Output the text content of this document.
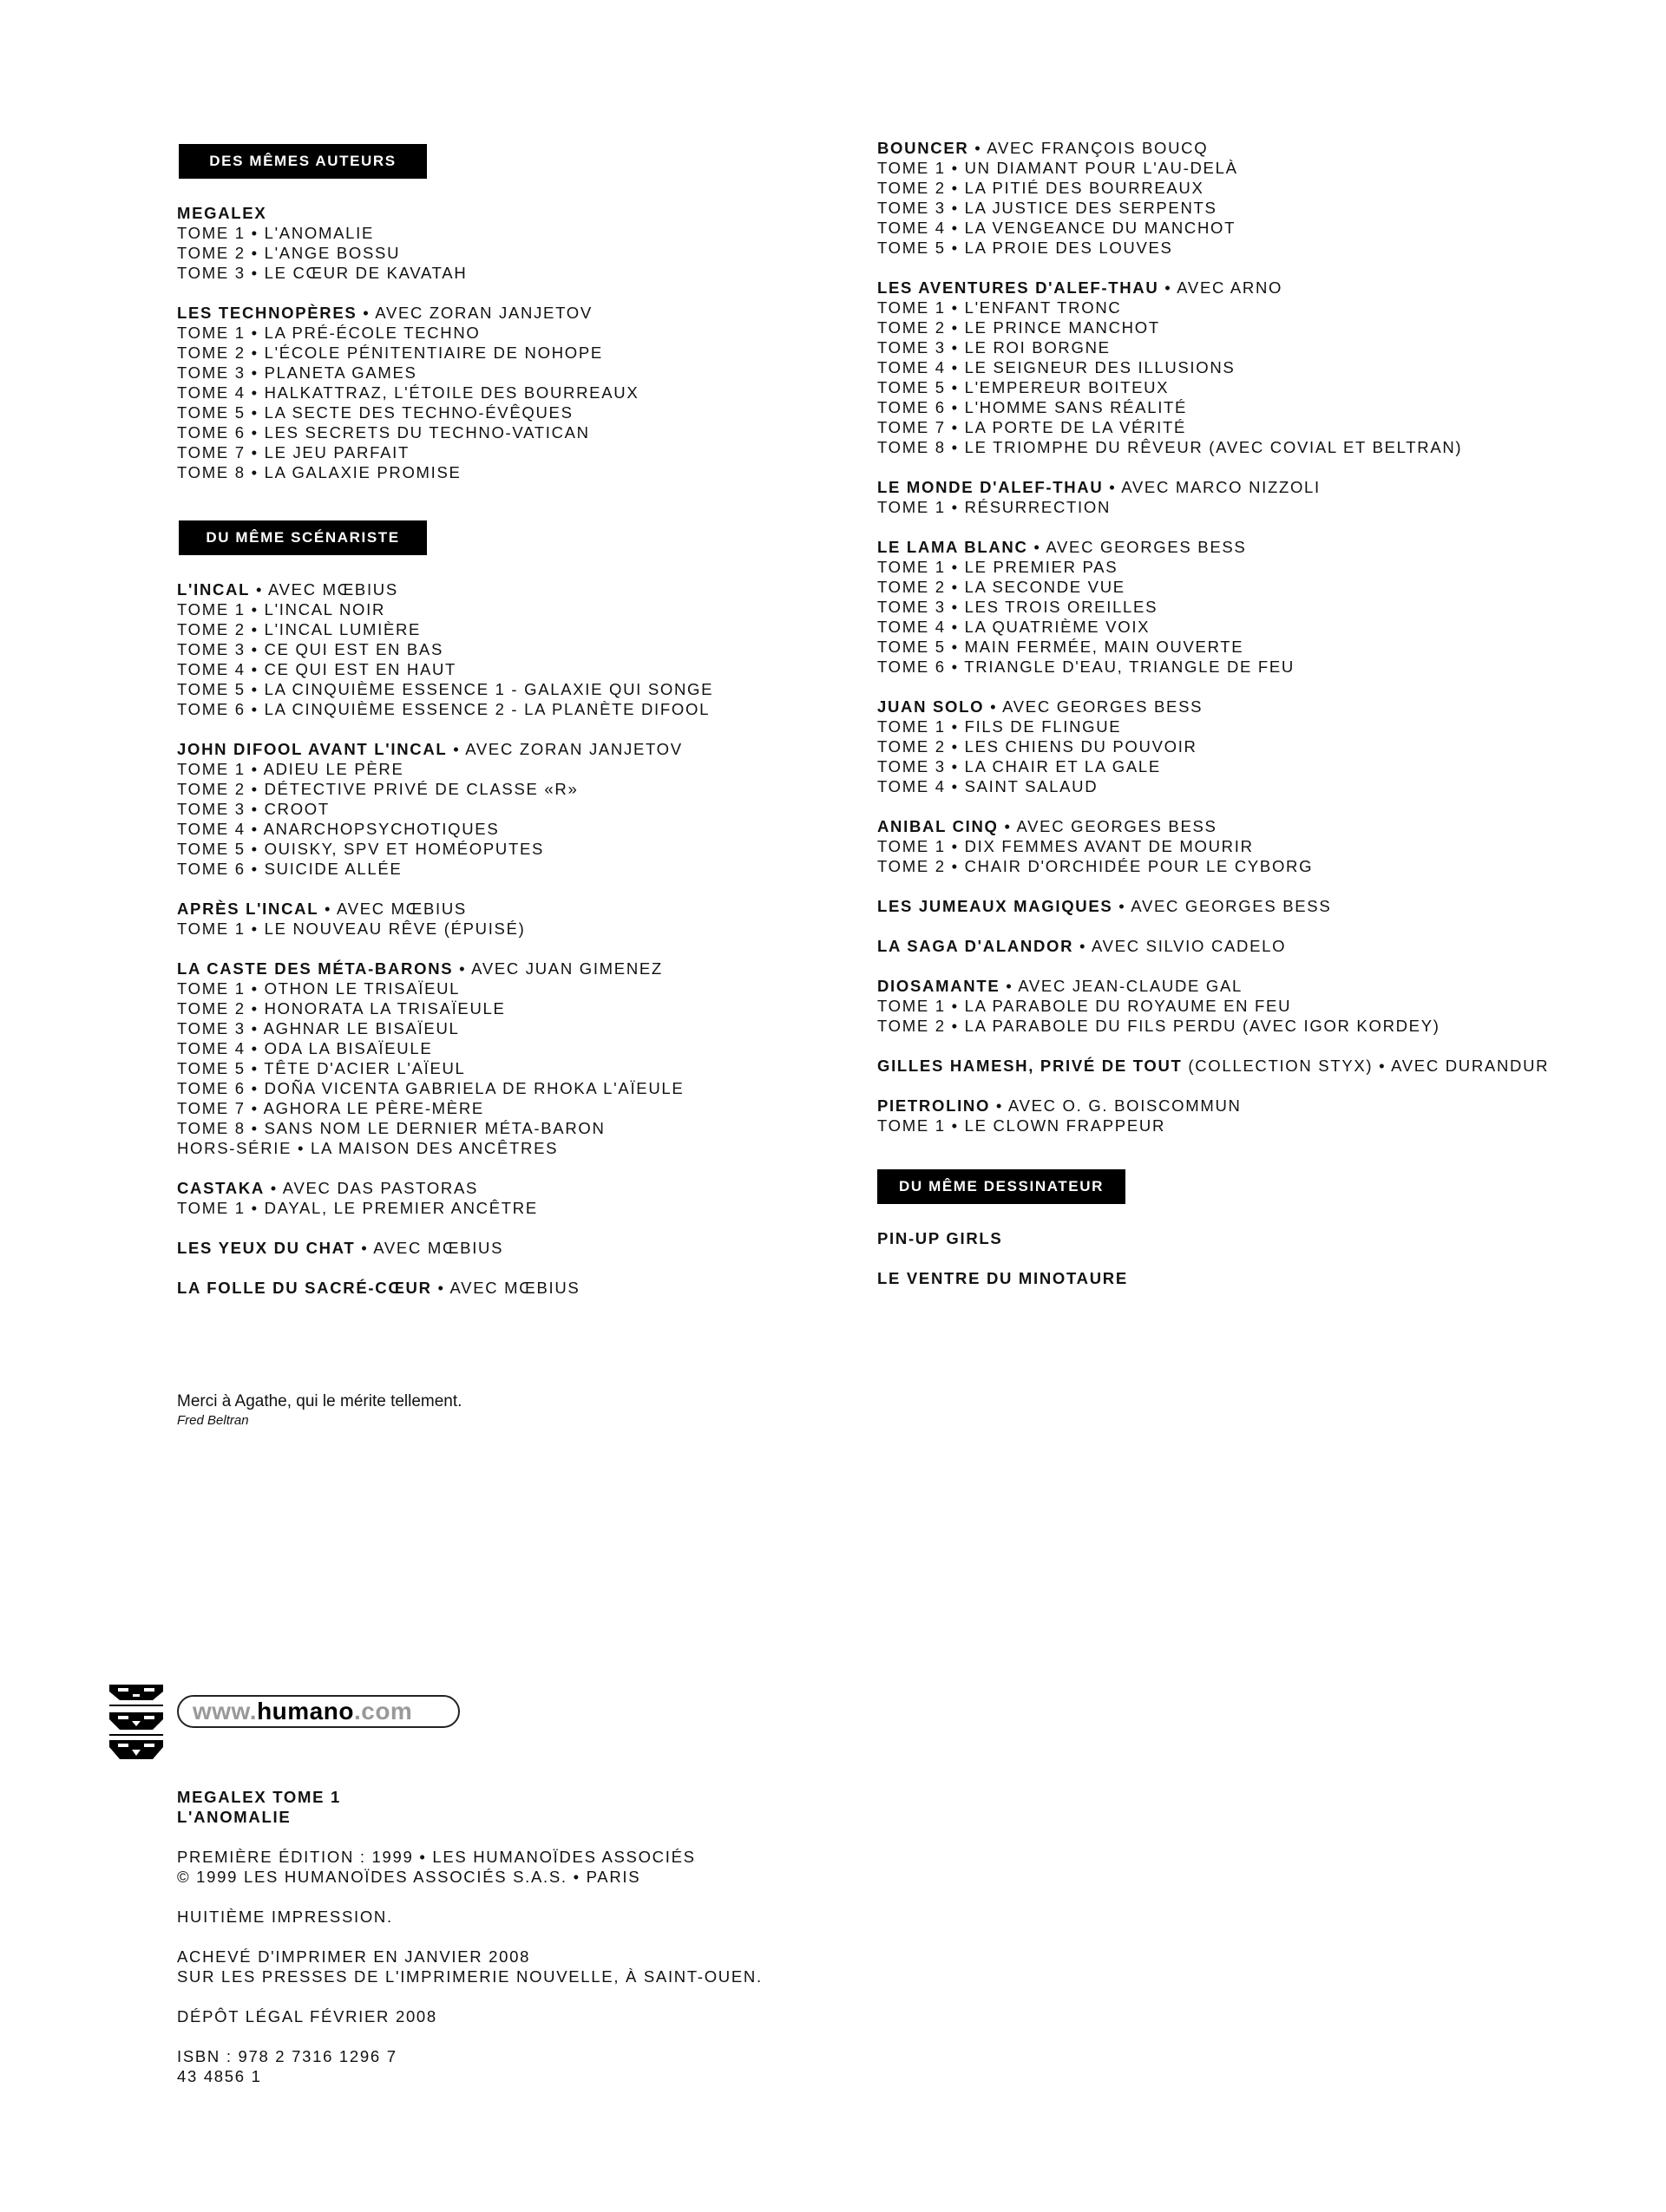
DES MÊMES AUTEURS
MEGALEX
TOME 1 • L'ANOMALIE
TOME 2 • L'ANGE BOSSU
TOME 3 • LE CŒUR DE KAVATAH
LES TECHNOPÈRES • AVEC ZORAN JANJETOV
TOME 1 • LA PRÉ-ÉCOLE TECHNO
TOME 2 • L'ÉCOLE PÉNITENTIAIRE DE NOHOPE
TOME 3 • PLANETA GAMES
TOME 4 • HALKATTRAZ, L'ÉTOILE DES BOURREAUX
TOME 5 • LA SECTE DES TECHNO-ÉVÊQUES
TOME 6 • LES SECRETS DU TECHNO-VATICAN
TOME 7 • LE JEU PARFAIT
TOME 8 • LA GALAXIE PROMISE
DU MÊME SCÉNARISTE
L'INCAL • AVEC MŒBIUS
TOME 1 • L'INCAL NOIR
TOME 2 • L'INCAL LUMIÈRE
TOME 3 • CE QUI EST EN BAS
TOME 4 • CE QUI EST EN HAUT
TOME 5 • LA CINQUIÈME ESSENCE 1 - GALAXIE QUI SONGE
TOME 6 • LA CINQUIÈME ESSENCE 2 - LA PLANÈTE DIFOOL
JOHN DIFOOL AVANT L'INCAL • AVEC ZORAN JANJETOV
TOME 1 • ADIEU LE PÈRE
TOME 2 • DÉTECTIVE PRIVÉ DE CLASSE «R»
TOME 3 • CROOT
TOME 4 • ANARCHOPSYCHOTIQUES
TOME 5 • OUISKY, SPV ET HOMÉOPUTES
TOME 6 • SUICIDE ALLÉE
APRÈS L'INCAL • AVEC MŒBIUS
TOME 1 • LE NOUVEAU RÊVE (ÉPUISÉ)
LA CASTE DES MÉTA-BARONS • AVEC JUAN GIMENEZ
TOME 1 • OTHON LE TRISAÏEUL
TOME 2 • HONORATA LA TRISAÏEULE
TOME 3 • AGHNAR LE BISAÏEUL
TOME 4 • ODA LA BISAÏEULE
TOME 5 • TÊTE D'ACIER L'AÏEUL
TOME 6 • DOÑA VICENTA GABRIELA DE RHOKA L'AÏEULE
TOME 7 • AGHORA LE PÈRE-MÈRE
TOME 8 • SANS NOM LE DERNIER MÉTA-BARON
HORS-SÉRIE • LA MAISON DES ANCÊTRES
CASTAKA • AVEC DAS PASTORAS
TOME 1 • DAYAL, LE PREMIER ANCÊTRE
LES YEUX DU CHAT • AVEC MŒBIUS
LA FOLLE DU SACRÉ-CŒUR • AVEC MŒBIUS
BOUNCER • AVEC FRANÇOIS BOUCQ
TOME 1 • UN DIAMANT POUR L'AU-DELÀ
TOME 2 • LA PITIÉ DES BOURREAUX
TOME 3 • LA JUSTICE DES SERPENTS
TOME 4 • LA VENGEANCE DU MANCHOT
TOME 5 • LA PROIE DES LOUVES
LES AVENTURES D'ALEF-THAU • AVEC ARNO
TOME 1 • L'ENFANT TRONC
TOME 2 • LE PRINCE MANCHOT
TOME 3 • LE ROI BORGNE
TOME 4 • LE SEIGNEUR DES ILLUSIONS
TOME 5 • L'EMPEREUR BOITEUX
TOME 6 • L'HOMME SANS RÉALITÉ
TOME 7 • LA PORTE DE LA VÉRITÉ
TOME 8 • LE TRIOMPHE DU RÊVEUR (AVEC COVIAL ET BELTRAN)
LE MONDE D'ALEF-THAU • AVEC MARCO NIZZOLI
TOME 1 • RÉSURRECTION
LE LAMA BLANC • AVEC GEORGES BESS
TOME 1 • LE PREMIER PAS
TOME 2 • LA SECONDE VUE
TOME 3 • LES TROIS OREILLES
TOME 4 • LA QUATRIÈME VOIX
TOME 5 • MAIN FERMÉE, MAIN OUVERTE
TOME 6 • TRIANGLE D'EAU, TRIANGLE DE FEU
JUAN SOLO • AVEC GEORGES BESS
TOME 1 • FILS DE FLINGUE
TOME 2 • LES CHIENS DU POUVOIR
TOME 3 • LA CHAIR ET LA GALE
TOME 4 • SAINT SALAUD
ANIBAL CINQ • AVEC GEORGES BESS
TOME 1 • DIX FEMMES AVANT DE MOURIR
TOME 2 • CHAIR D'ORCHIDÉE POUR LE CYBORG
LES JUMEAUX MAGIQUES • AVEC GEORGES BESS
LA SAGA D'ALANDOR • AVEC SILVIO CADELO
DIOSAMANTE • AVEC JEAN-CLAUDE GAL
TOME 1 • LA PARABOLE DU ROYAUME EN FEU
TOME 2 • LA PARABOLE DU FILS PERDU (AVEC IGOR KORDEY)
GILLES HAMESH, PRIVÉ DE TOUT (COLLECTION STYX) • AVEC DURANDUR
PIETROLINO • AVEC O. G. BOISCOMMUN
TOME 1 • LE CLOWN FRAPPEUR
DU MÊME DESSINATEUR
PIN-UP GIRLS
LE VENTRE DU MINOTAURE
Merci à Agathe, qui le mérite tellement.
Fred Beltran
www.humano.com
MEGALEX TOME 1
L'ANOMALIE
PREMIÈRE ÉDITION : 1999 • LES HUMANOÏDES ASSOCIÉS
© 1999 LES HUMANOÏDES ASSOCIÉS S.A.S. • PARIS
HUITIÈME IMPRESSION.
ACHEVÉ D'IMPRIMER EN JANVIER 2008
SUR LES PRESSES DE L'IMPRIMERIE NOUVELLE, À SAINT-OUEN.
DÉPÔT LÉGAL FÉVRIER 2008
ISBN : 978 2 7316 1296 7
43 4856 1
